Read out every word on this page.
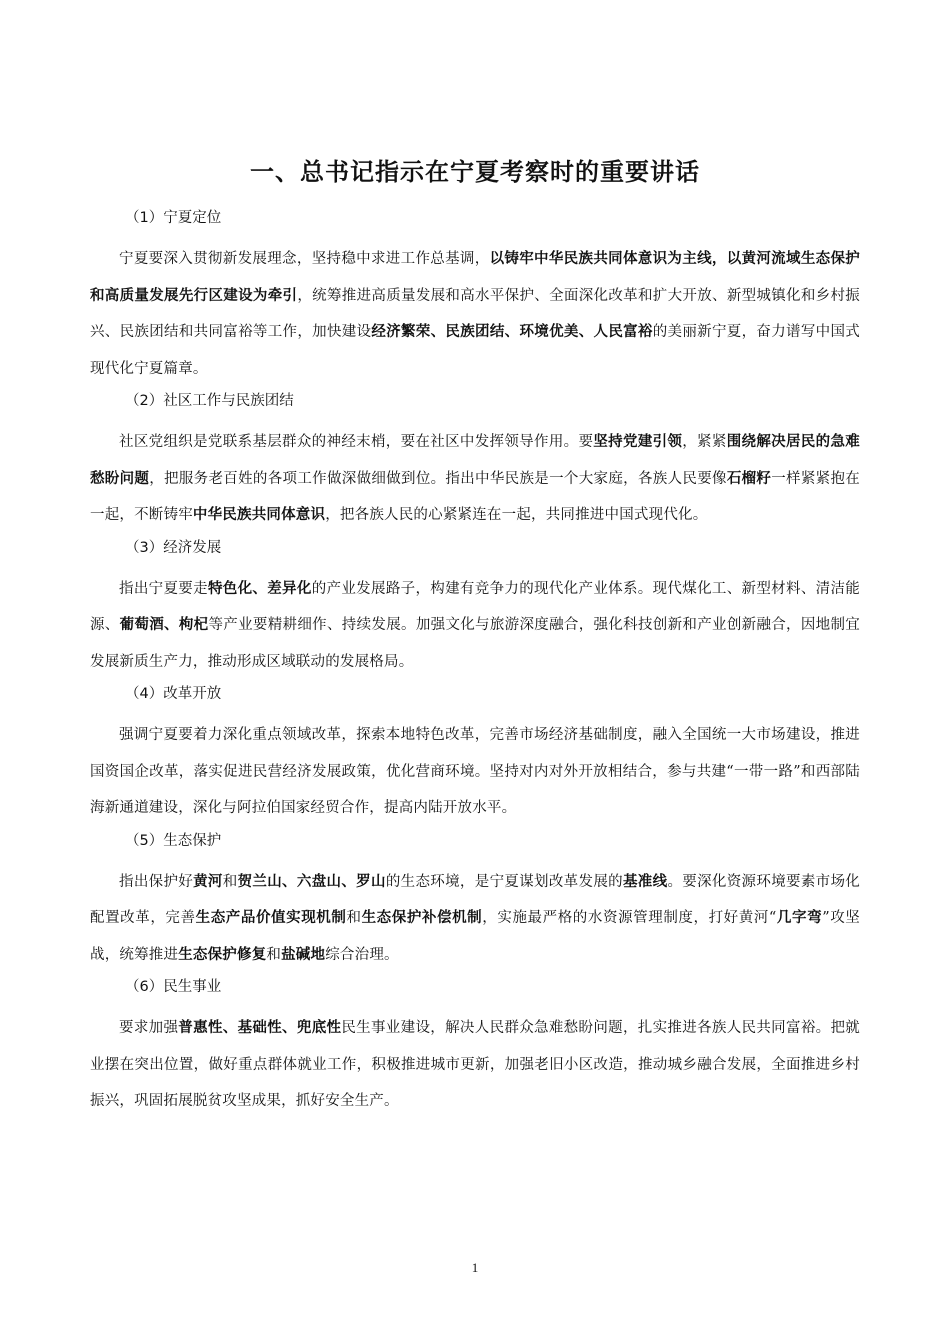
一、总书记指示在宁夏考察时的重要讲话
（1）宁夏定位

宁夏要深入贯彻新发展理念，坚持稳中求进工作总基调，以铸牢中华民族共同体意识为主线，以黄河流域生态保护和高质量发展先行区建设为牵引，统筹推进高质量发展和高水平保护、全面深化改革和扩大开放、新型城镇化和乡村振兴、民族团结和共同富裕等工作，加快建设经济繁荣、民族团结、环境优美、人民富裕的美丽新宁夏，奋力谱写中国式现代化宁夏篇章。

（2）社区工作与民族团结

社区党组织是党联系基层群众的神经末梢，要在社区中发挥领导作用。要坚持党建引领，紧紧围绕解决居民的急难愁盼问题，把服务老百姓的各项工作做深做细做到位。指出中华民族是一个大家庭，各族人民要像石榴籽一样紧紧抱在一起，不断铸牢中华民族共同体意识，把各族人民的心紧紧连在一起，共同推进中国式现代化。

（3）经济发展

指出宁夏要走特色化、差异化的产业发展路子，构建有竞争力的现代化产业体系。现代煤化工、新型材料、清洁能源、葡萄酒、枸杞等产业要精耕细作、持续发展。加强文化与旅游深度融合，强化科技创新和产业创新融合，因地制宜发展新质生产力，推动形成区域联动的发展格局。

（4）改革开放

强调宁夏要着力深化重点领域改革，探索本地特色改革，完善市场经济基础制度，融入全国统一大市场建设，推进国资国企改革，落实促进民营经济发展政策，优化营商环境。坚持对内对外开放相结合，参与共建“一带一路”和西部陆海新通道建设，深化与阿拉伯国家经贸合作，提高内陆开放水平。

（5）生态保护

指出保护好黄河和贺兰山、六盘山、罗山的生态环境，是宁夏谋划改革发展的基准线。要深化资源环境要素市场化配置改革，完善生态产品价值实现机制和生态保护补偿机制，实施最严格的水资源管理制度，打好黄河“几字弯”攻坚战，统筹推进生态保护修复和盐碱地综合治理。

（6）民生事业

要求加强普惠性、基础性、兜底性民生事业建设，解决人民群众急难愁盼问题，扎实推进各族人民共同富裕。把就业摆在突出位置，做好重点群体就业工作，积极推进城市更新，加强老旧小区改造，推动城乡融合发展，全面推进乡村振兴，巩固拓展脱贫攻坚成果，抓好安全生产。

1
